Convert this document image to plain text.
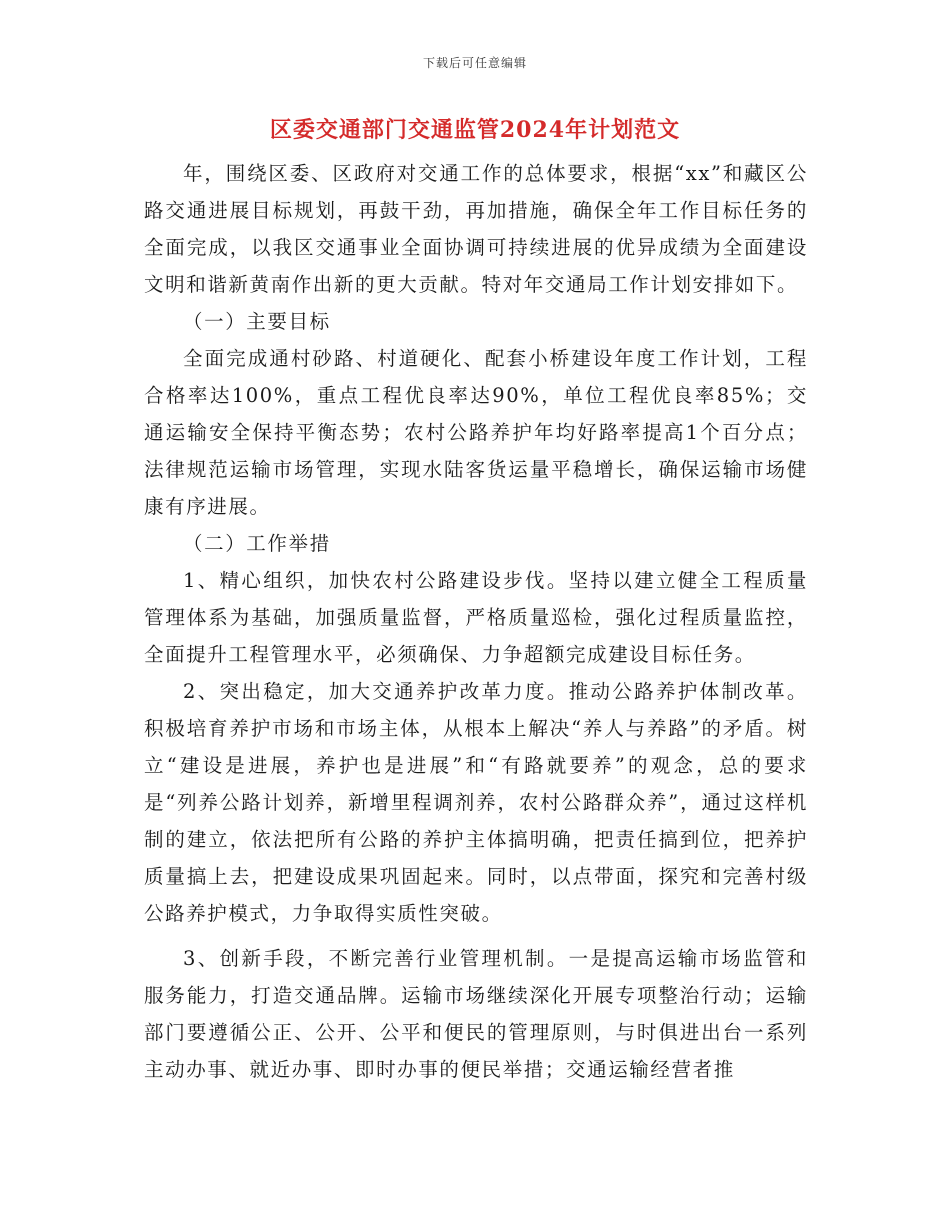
下载后可任意编辑
区委交通部门交通监管2024年计划范文

年，围绕区委、区政府对交通工作的总体要求，根据“xx”和藏区公路交通进展目标规划，再鼓干劲，再加措施，确保全年工作目标任务的全面完成，以我区交通事业全面协调可持续进展的优异成绩为全面建设文明和谐新黄南作出新的更大贡献。特对年交通局工作计划安排如下。

（一）主要目标

全面完成通村砂路、村道硬化、配套小桥建设年度工作计划，工程合格率达100%，重点工程优良率达90%，单位工程优良率85%；交通运输安全保持平衡态势；农村公路养护年均好路率提高1个百分点；法律规范运输市场管理，实现水陆客货运量平稳增长，确保运输市场健康有序进展。

（二）工作举措

1、精心组织，加快农村公路建设步伐。坚持以建立健全工程质量管理体系为基础，加强质量监督，严格质量巡检，强化过程质量监控，全面提升工程管理水平，必须确保、力争超额完成建设目标任务。

2、突出稳定，加大交通养护改革力度。推动公路养护体制改革。积极培育养护市场和市场主体，从根本上解决“养人与养路”的矛盾。树立“建设是进展，养护也是进展”和“有路就要养”的观念，总的要求是“列养公路计划养，新增里程调剂养，农村公路群众养”，通过这样机制的建立，依法把所有公路的养护主体搞明确，把责任搞到位，把养护质量搞上去，把建设成果巩固起来。同时，以点带面，探究和完善村级公路养护模式，力争取得实质性突破。

3、创新手段，不断完善行业管理机制。一是提高运输市场监管和服务能力，打造交通品牌。运输市场继续深化开展专项整治行动；运输部门要遵循公正、公开、公平和便民的管理原则，与时俱进出台一系列主动办事、就近办事、即时办事的便民举措；交通运输经营者推
